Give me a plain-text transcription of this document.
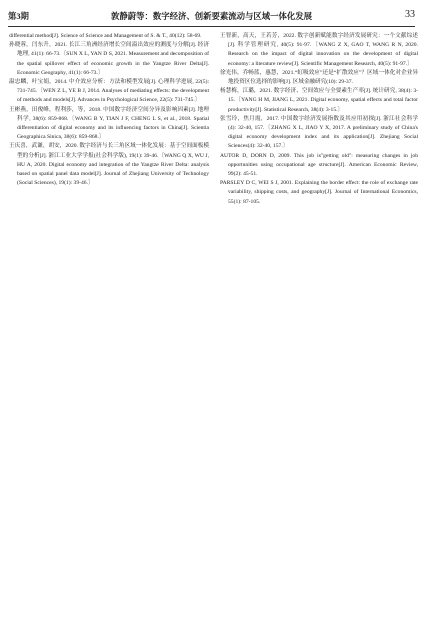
第3期	敦静蔚等：数字经济、创新要素流动与区域一体化发展	33

differential method[J]. Science of Science and Management of S. & T., 40(12): 58-69.

孙晓蓉，闫东升，2021. 长江三角洲经济增长空间溢出效应的测度与分解[J]. 经济地理, 41(1): 66-73.〔SUN X L, YAN D S, 2021. Measurement and decomposition of the spatial spillover effect of economic growth in the Yangtze River Delta[J]. Economic Geography, 41(1): 66-73.〕

温忠麟，叶宝娟，2014. 中介效应分析：方法和模型发展[J]. 心理科学进展, 22(5): 731-745.〔WEN Z L, YE B J, 2014. Analyses of mediating effects: the development of methods and models[J]. Advances in Psychological Science, 22(5): 731-745.〕

王彬燕，田俊峰，程利莎，等，2018. 中国数字经济空间分异及影响因素[J]. 地理科学, 38(6): 859-868.〔WANG B Y, TIAN J F, CHENG L S, et al., 2018. Spatial differentiation of digital economy and its influencing factors in China[J]. Scientia Geographica Sinica, 38(6): 859-868.〕

王庆喜，武谦，胡安，2020. 数字经济与长三角区域一体化发展：基于空间面板模型的分析[J]. 浙江工业大学学报(社会科学版), 19(1): 39-46.〔WANG Q X, WU J, HU A, 2020. Digital economy and integration of the Yangtze River Delta: analysis based on spatial panel data model[J]. Journal of Zhejiang University of Technology (Social Sciences), 19(1): 39-46.〕

王智新，高天，王若芳，2022. 数字创新赋能数字经济发展研究：一个文献综述[J]. 科学管理研究, 40(5): 91-97.〔WANG Z X, GAO T, WANG R N, 2020. Research on the impact of digital innovation on the development of digital economy: a literature review[J]. Scientific Management Research, 40(5): 91-97.〕

徐光伟，乔畅蓝，惠慧，2021.“虹吸效应”还是“扩散效应”？区域一体化对企业异地投资区位选择的影响[J]. 区域金融研究(10): 29-37.

杨慧梅，江璐，2021. 数字经济、空间效应与全要素生产率[J]. 统计研究, 38(4): 3-15.〔YANG H M, JIANG L, 2021. Digital economy, spatial effects and total factor productivity[J]. Statistical Research, 38(4): 3-15.〕

张雪玲，焦月霞，2017. 中国数字经济发展指数及其应用初探[J]. 浙江社会科学(4): 32-40, 157.〔ZHANG X L, JIAO Y X, 2017. A preliminary study of China's digital economy development index and its application[J]. Zhejiang Social Sciences(4): 32-40, 157.〕

AUTOR D, DORN D, 2009. This job is"getting old": measuring changes in job opportunities using occupational age structure[J]. American Economic Review, 99(2): 45-51.

PARSLEY D C, WEI S J, 2001. Explaining the border effect: the role of exchange rate variability, shipping costs, and geography[J]. Journal of International Economics, 55(1): 87-105.
